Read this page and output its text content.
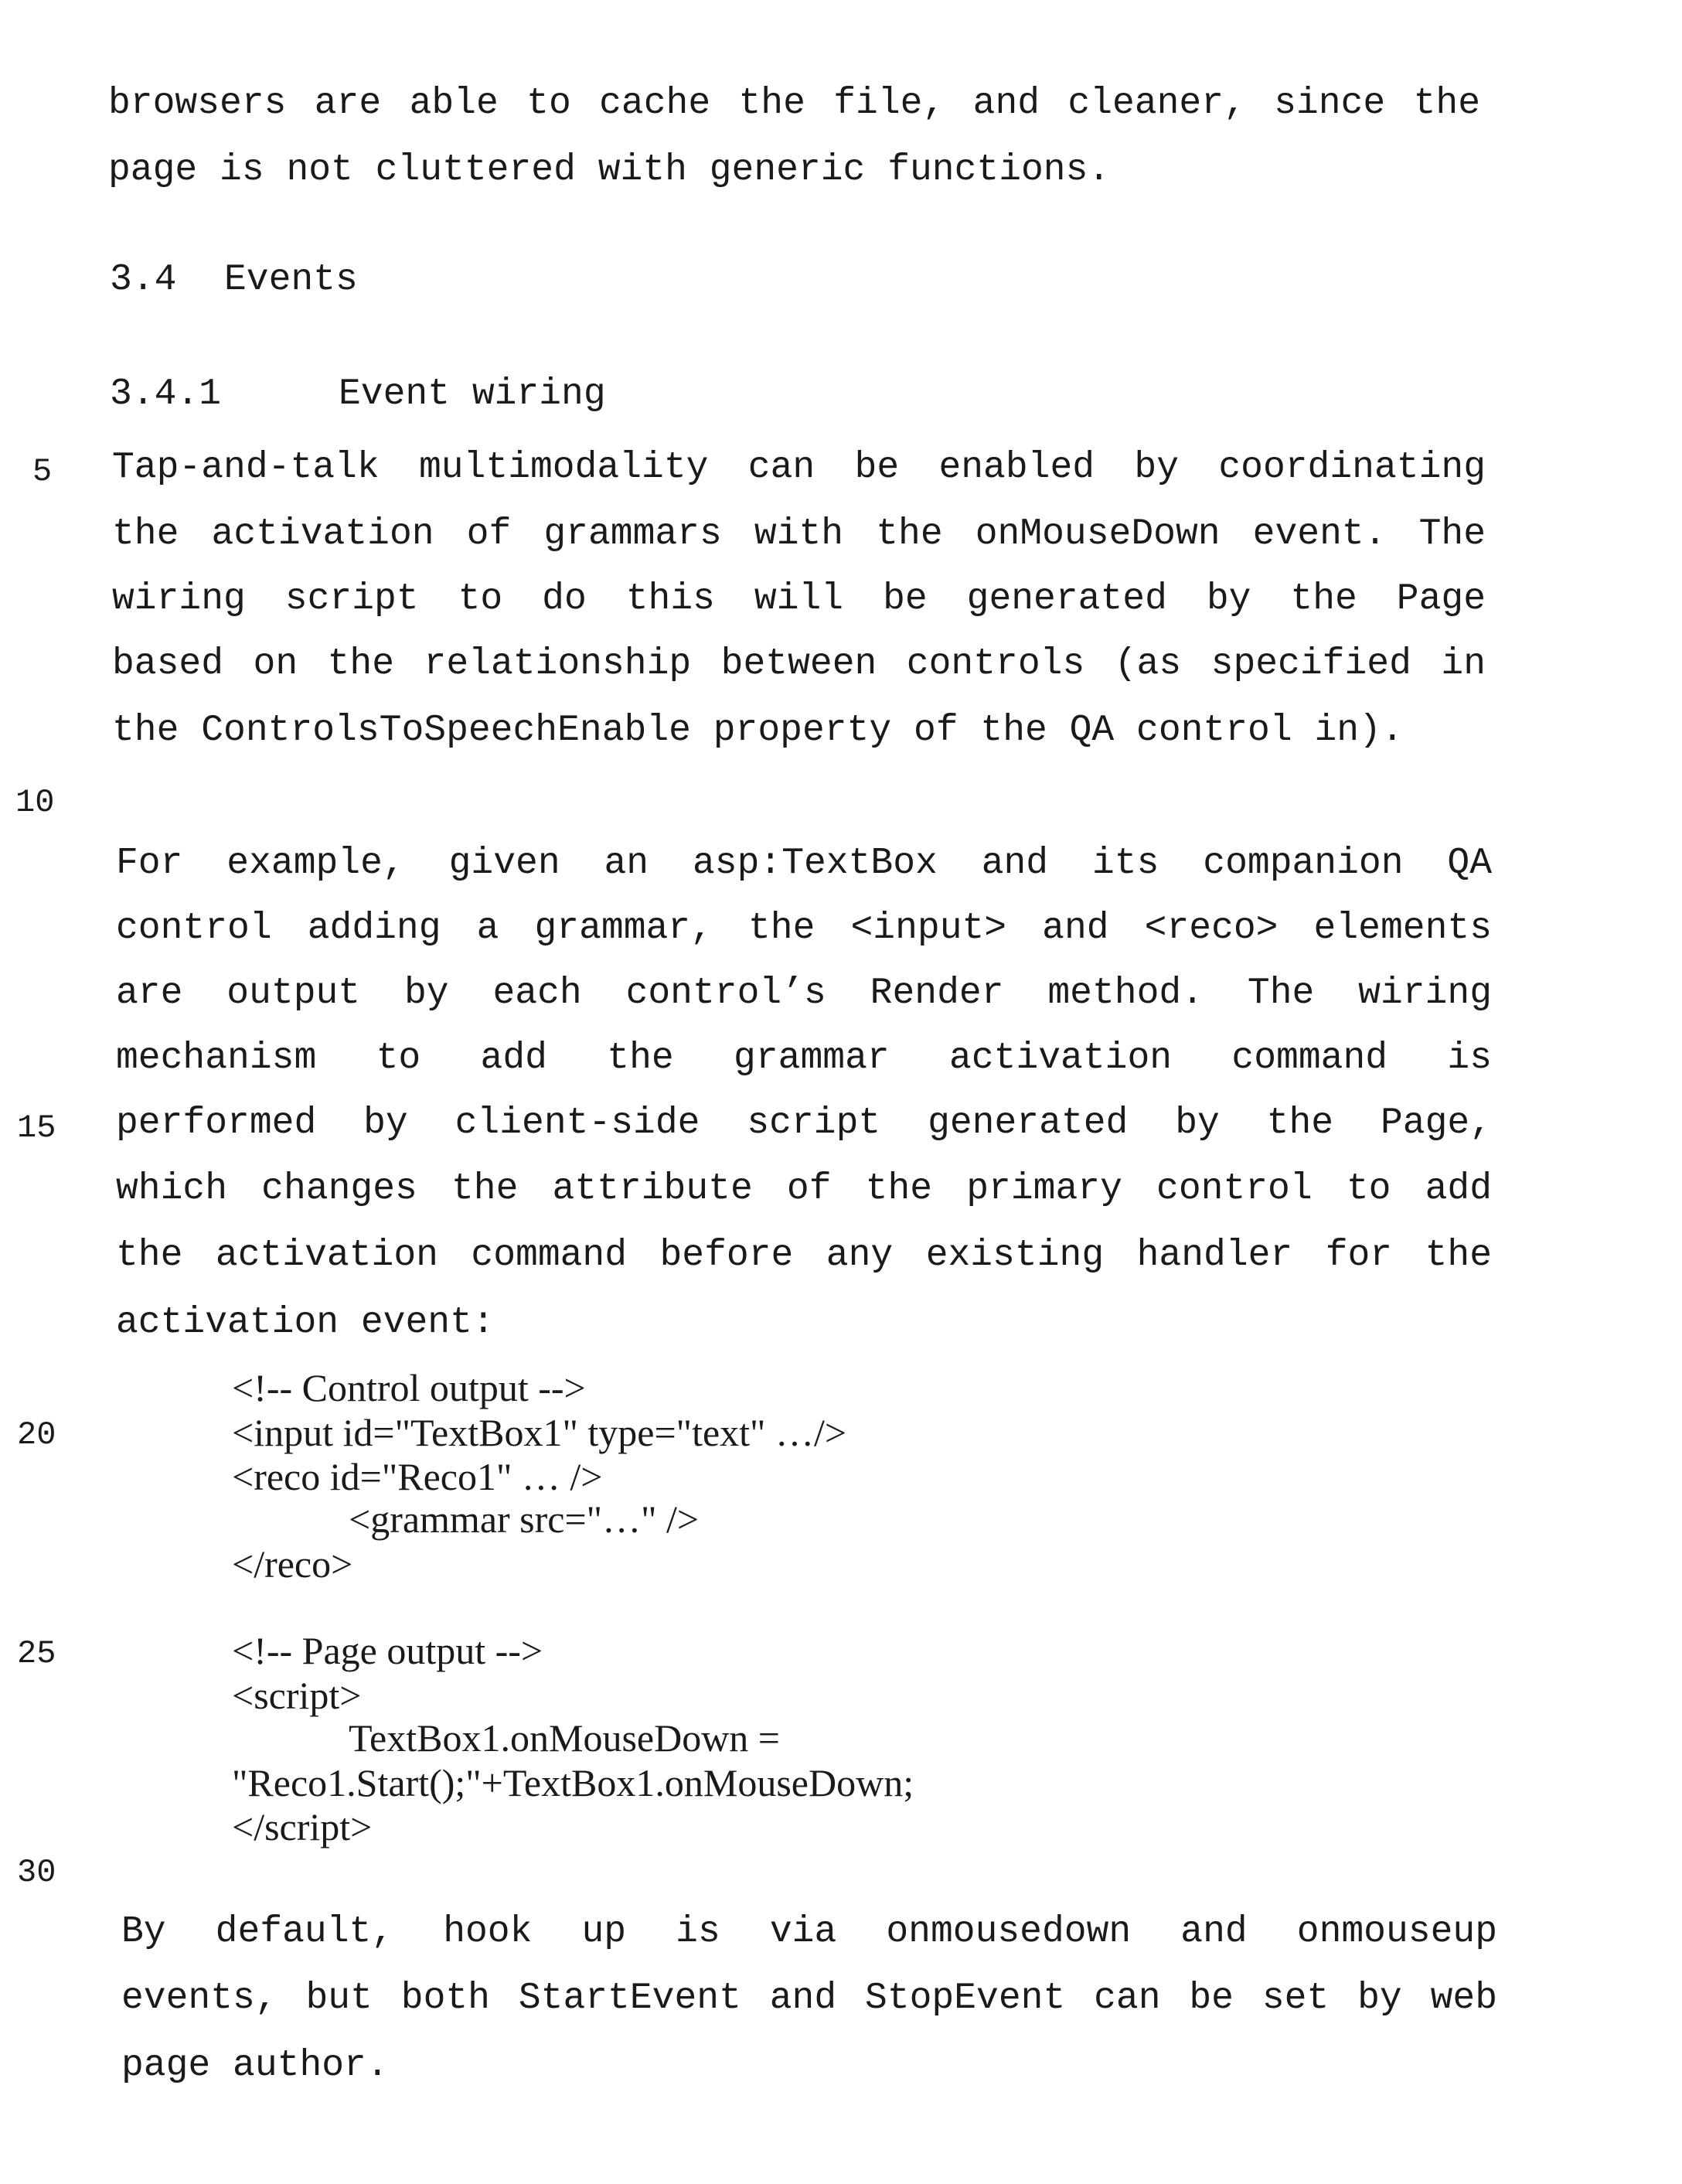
browsers are able to cache the file, and cleaner, since the
page is not cluttered with generic functions.
3.4 Events
3.4.1	Event wiring
Tap-and-talk multimodality can be enabled by coordinating
the activation of grammars with the onMouseDown event. The
wiring script to do this will be generated by the Page
based on the relationship between controls (as specified in
the ControlsToSpeechEnable property of the QA control in).
For example, given an asp:TextBox and its companion QA
control adding a grammar, the <input> and <reco> elements
are output by each control’s Render method. The wiring
mechanism to add the grammar activation command is
performed by client-side script generated by the Page,
which changes the attribute of the primary control to add
the activation command before any existing handler for the
activation event:
<!-- Control output -->
<input id="TextBox1" type="text" …/>
<reco id="Reco1" … />
<grammar src="…" />
</reco>
<!-- Page output -->
<script>
TextBox1.onMouseDown =
"Reco1.Start();"+TextBox1.onMouseDown;
</script>
By default, hook up is via onmousedown and onmouseup
events, but both StartEvent and StopEvent can be set by web
page author.
5
10
15
20
25
30
